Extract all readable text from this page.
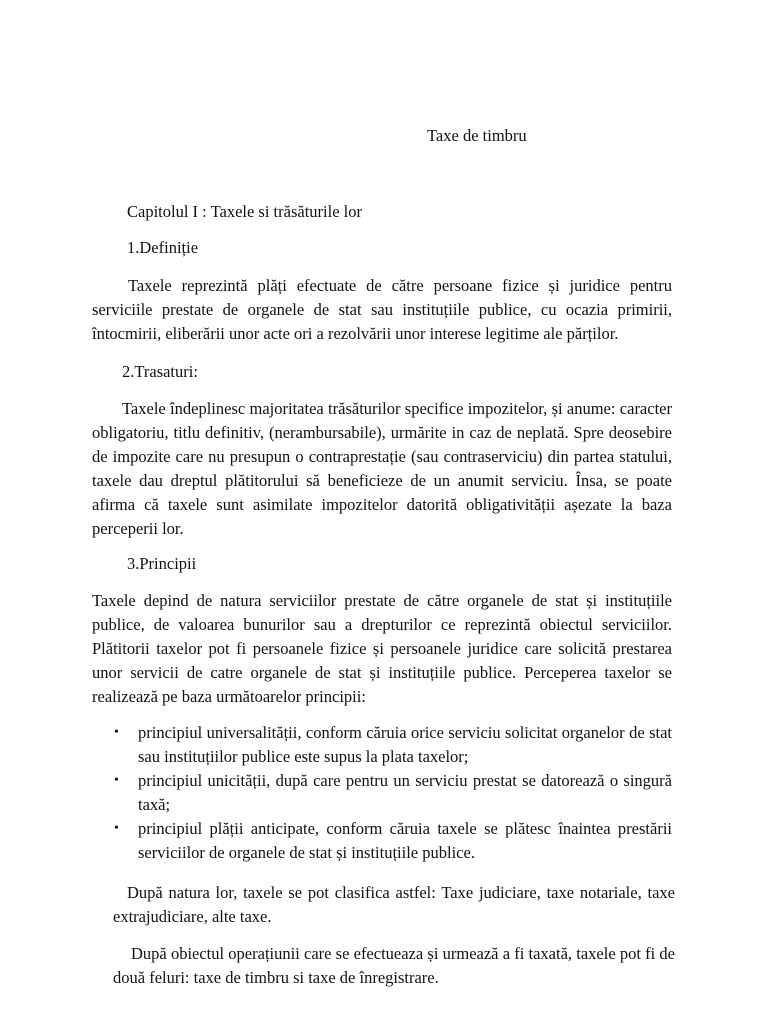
Taxe de timbru
Capitolul I : Taxele si trăsăturile lor
1.Definiție

Taxele reprezintă plăți efectuate de către persoane fizice și juridice pentru serviciile prestate de organele de stat sau instituțiile publice, cu ocazia primirii, întocmirii, eliberării unor acte ori a rezolvării unor interese legitime ale părților.

2.Trasaturi:

Taxele îndeplinesc majoritatea trăsăturilor specifice impozitelor, și anume: caracter obligatoriu, titlu definitiv, (nerambursabile), urmărite in caz de neplată. Spre deosebire de impozite care nu presupun o contraprestație (sau contraserviciu) din partea statului, taxele dau dreptul plătitorului să beneficieze de un anumit serviciu. Însa, se poate afirma că taxele sunt asimilate impozitelor datorită obligativității așezate la baza perceperii lor.

3.Principii

Taxele depind de natura serviciilor prestate de către organele de stat și instituțiile publice, de valoarea bunurilor sau a drepturilor ce reprezintă obiectul serviciilor. Plătitorii taxelor pot fi persoanele fizice și persoanele juridice care solicită prestarea unor servicii de catre organele de stat și instituțiile publice. Perceperea taxelor se realizează pe baza următoarelor principii:

• principiul universalității, conform căruia orice serviciu solicitat organelor de stat sau instituțiilor publice este supus la plata taxelor;
• principiul unicității, după care pentru un serviciu prestat se datorează o singură taxă;
• principiul plății anticipate, conform căruia taxele se plătesc înaintea prestării serviciilor de organele de stat și instituțiile publice.

După natura lor, taxele se pot clasifica astfel: Taxe judiciare, taxe notariale, taxe extrajudiciare, alte taxe.

După obiectul operațiunii care se efectueaza și urmează a fi taxată, taxele pot fi de două feluri: taxe de timbru si taxe de înregistrare.
